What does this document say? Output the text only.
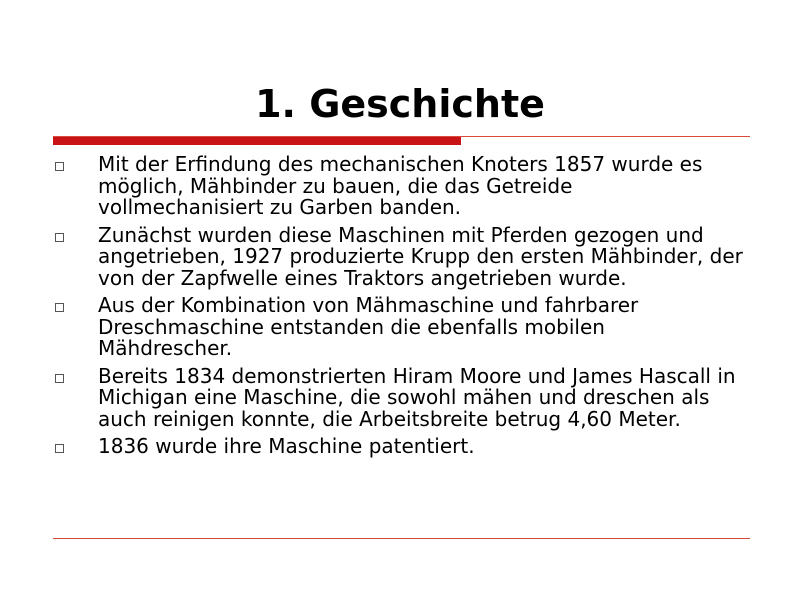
1. Geschichte
Mit der Erfindung des mechanischen Knoters 1857 wurde es möglich, Mähbinder zu bauen, die das Getreide vollmechanisiert zu Garben banden.
Zunächst wurden diese Maschinen mit Pferden gezogen und angetrieben, 1927 produzierte Krupp den ersten Mähbinder, der von der Zapfwelle eines Traktors angetrieben wurde.
Aus der Kombination von Mähmaschine und fahrbarer Dreschmaschine entstanden die ebenfalls mobilen Mähdrescher.
Bereits 1834 demonstrierten Hiram Moore und James Hascall in Michigan eine Maschine, die sowohl mähen und dreschen als auch reinigen konnte, die Arbeitsbreite betrug 4,60 Meter.
1836 wurde ihre Maschine patentiert.
